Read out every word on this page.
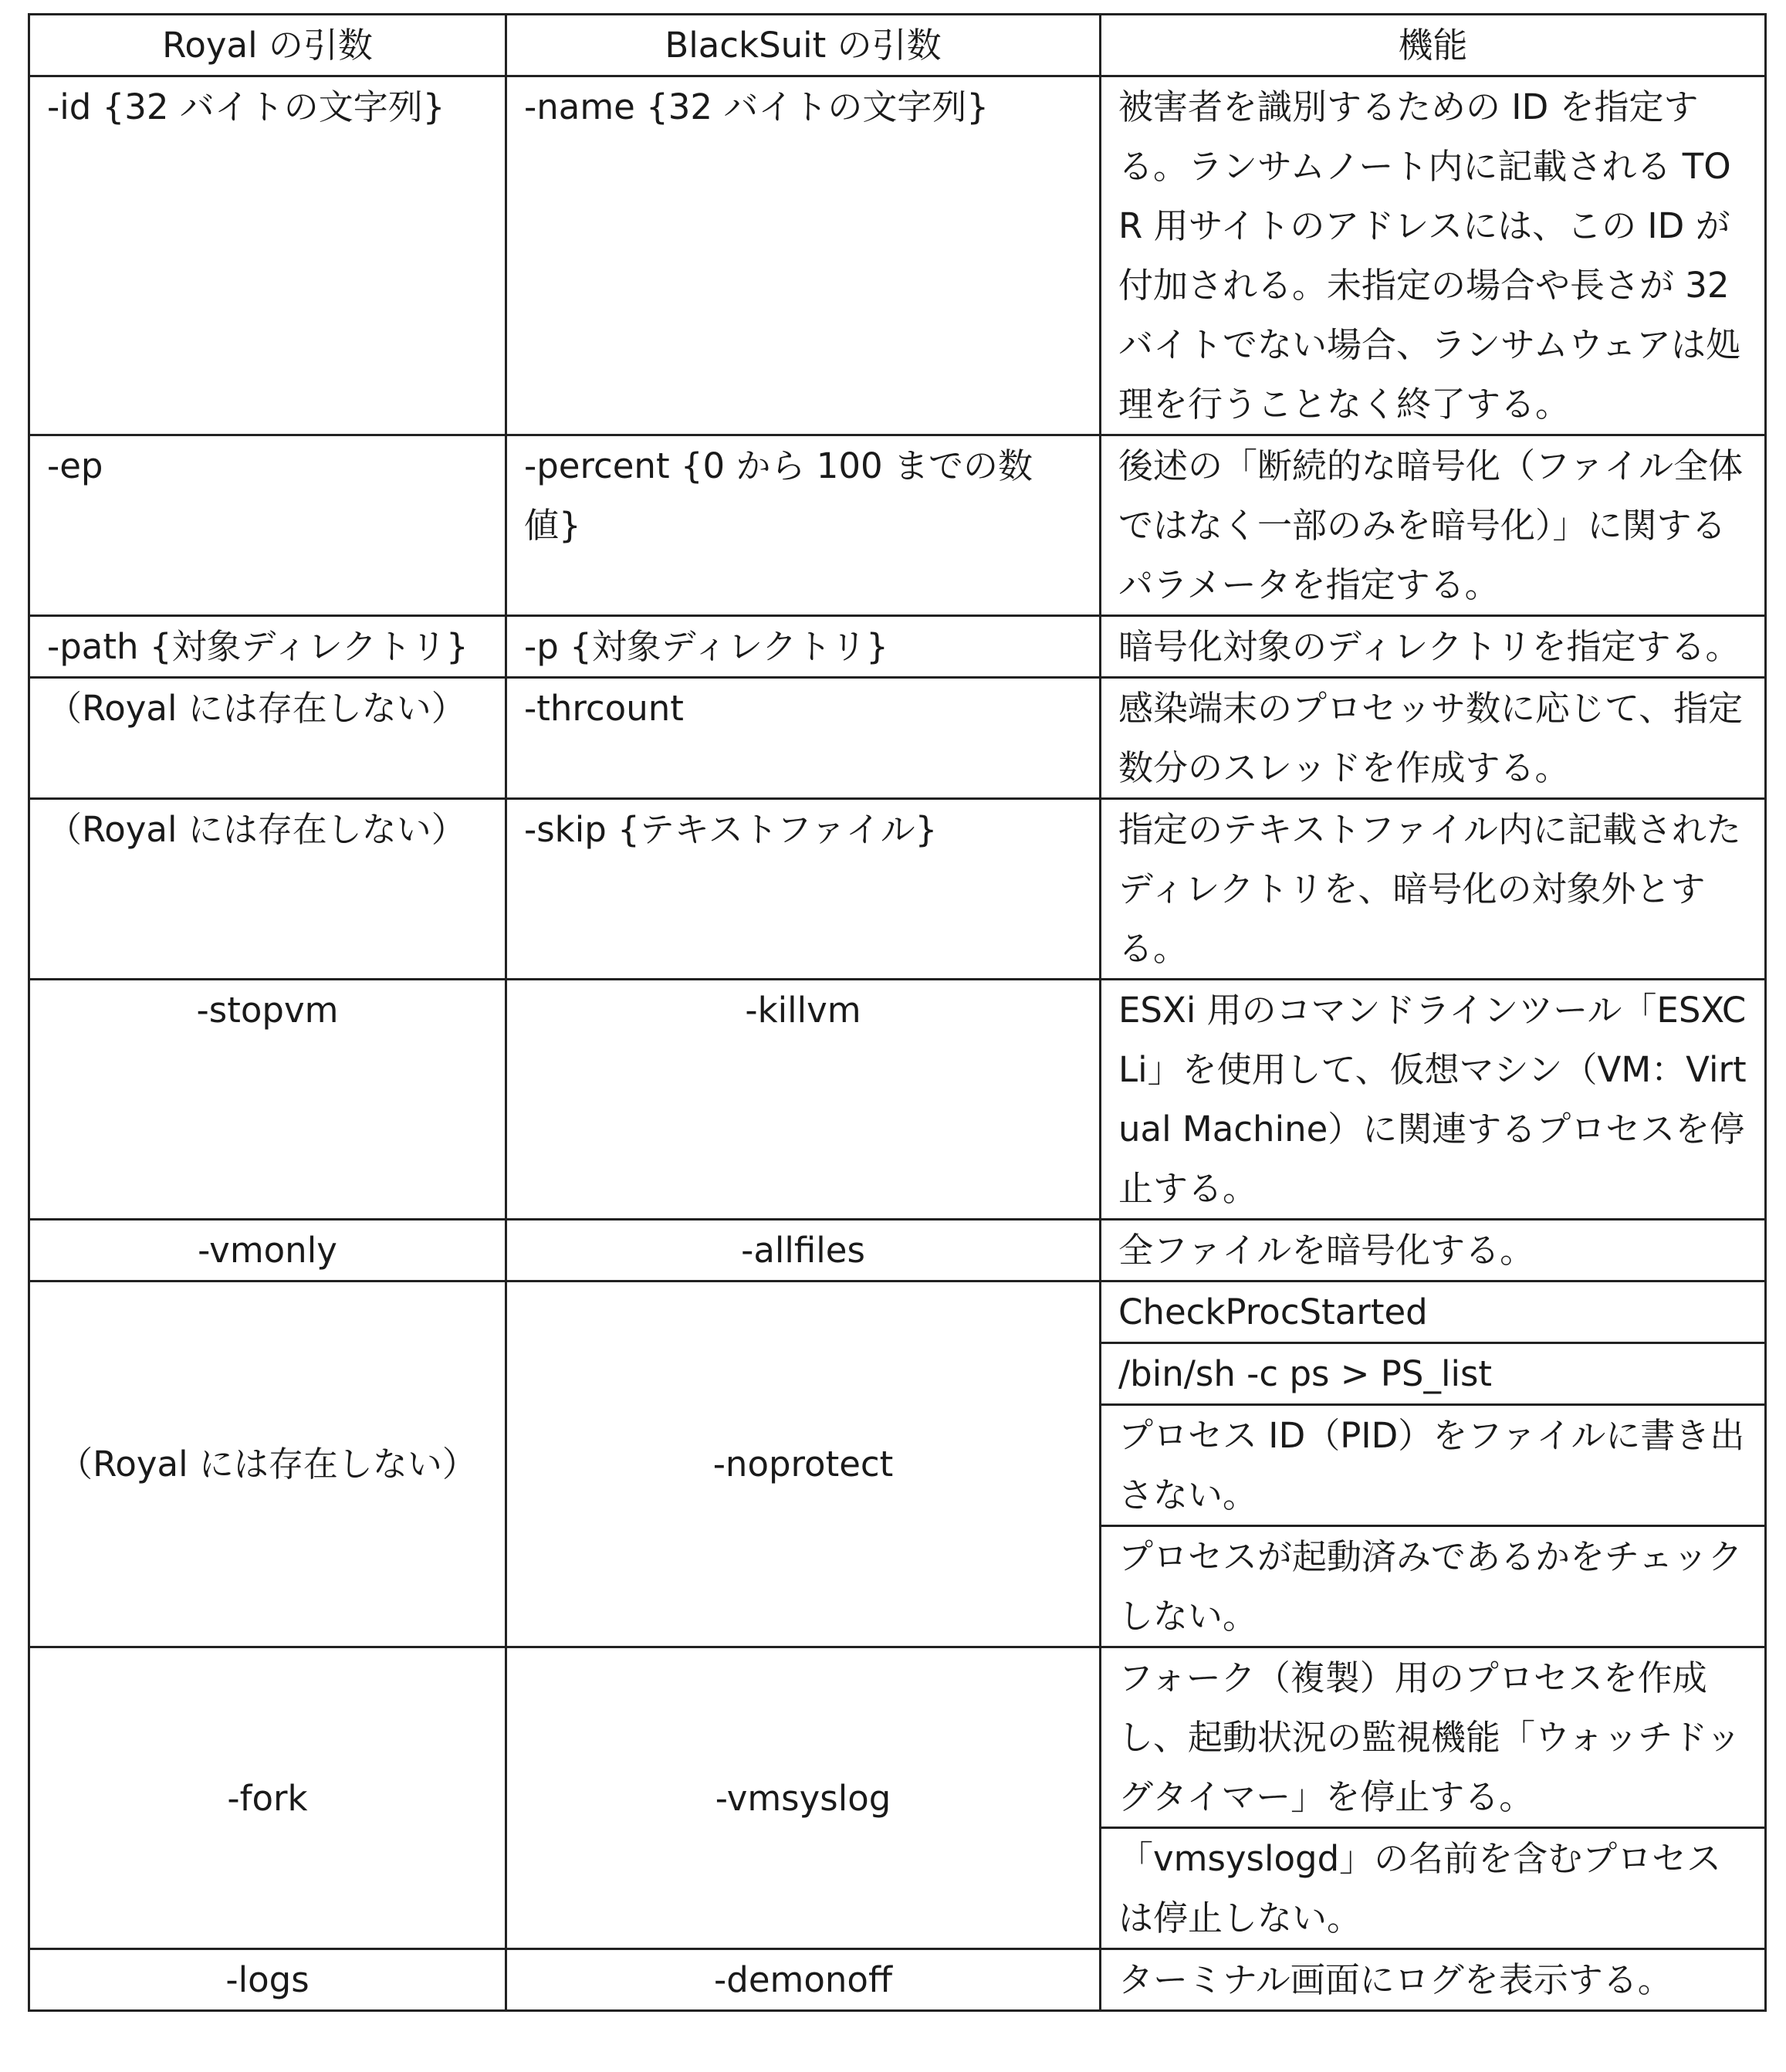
Royal の引数	BlackSuit の引数	機能
-id {32 バイトの文字列}	-name {32 バイトの文字列}	被害者を識別するための ID を指定する。ランサムノート内に記載される TOR 用サイトのアドレスには、この ID が付加される。未指定の場合や長さが 32 バイトでない場合、ランサムウェアは処理を行うことなく終了する。
-ep	-percent {0 から 100 までの数値}	後述の「断続的な暗号化（ファイル全体ではなく一部のみを暗号化）」に関するパラメータを指定する。
-path {対象ディレクトリ}	-p {対象ディレクトリ}	暗号化対象のディレクトリを指定する。
（Royal には存在しない）	-thrcount	感染端末のプロセッサ数に応じて、指定数分のスレッドを作成する。
（Royal には存在しない）	-skip {テキストファイル}	指定のテキストファイル内に記載されたディレクトリを、暗号化の対象外とする。
-stopvm	-killvm	ESXi 用のコマンドラインツール「ESXCLi」を使用して、仮想マシン（VM：Virtual Machine）に関連するプロセスを停止する。
-vmonly	-allfiles	全ファイルを暗号化する。
（Royal には存在しない）	-noprotect	CheckProcStarted
		/bin/sh -c ps > PS_list
		プロセス ID（PID）をファイルに書き出さない。
		プロセスが起動済みであるかをチェックしない。
-fork	-vmsyslog	フォーク（複製）用のプロセスを作成し、起動状況の監視機能「ウォッチドッグタイマー」を停止する。
		「vmsyslogd」の名前を含むプロセスは停止しない。
-logs	-demonoff	ターミナル画面にログを表示する。
